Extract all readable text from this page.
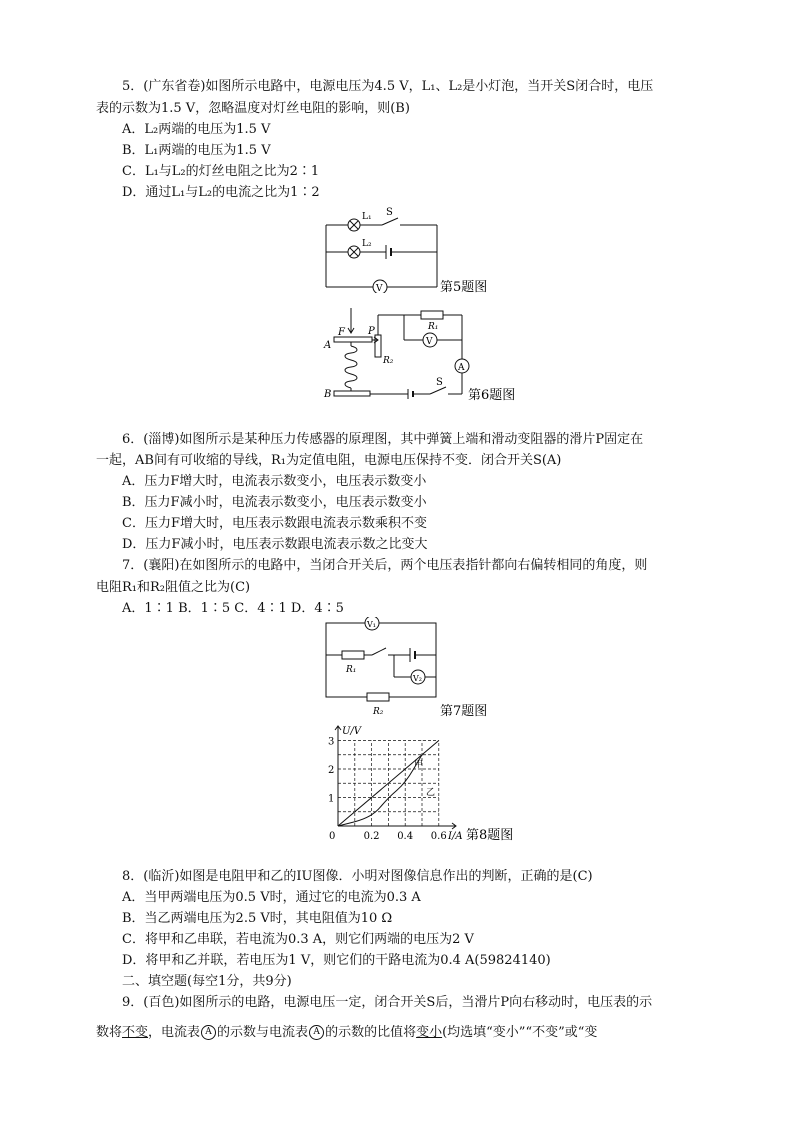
5．(广东省卷)如图所示电路中，电源电压为4.5 V，L₁、L₂是小灯泡，当开关S闭合时，电压
表的示数为1.5 V，忽略温度对灯丝电阻的影响，则(B)
A．L₂两端的电压为1.5 V
B．L₁两端的电压为1.5 V
C．L₁与L₂的灯丝电阻之比为2∶1
D．通过L₁与L₂的电流之比为1∶2
L₁ S
L₂
V	第5题图
F P
A
B
R₁
R₂
V
A
S
第6题图
6．(淄博)如图所示是某种压力传感器的原理图，其中弹簧上端和滑动变阻器的滑片P固定在
一起，AB间有可收缩的导线，R₁为定值电阻，电源电压保持不变．闭合开关S(A)
A．压力F增大时，电流表示数变小，电压表示数变小
B．压力F减小时，电流表示数变小，电压表示数变小
C．压力F增大时，电压表示数跟电流表示数乘积不变
D．压力F减小时，电压表示数跟电流表示数之比变大
7．(襄阳)在如图所示的电路中，当闭合开关后，两个电压表指针都向右偏转相同的角度，则
电阻R₁和R₂阻值之比为(C)
A．1∶1 B．1∶5 C．4∶1 D．4∶5
V₁
R₁
V₂
R₂	第7题图
1
2
3
0.2 0.4 0.6
U/V
I/A
0
甲
乙
第8题图
8．(临沂)如图是电阻甲和乙的IU图像．小明对图像信息作出的判断，正确的是(C)
A．当甲两端电压为0.5 V时，通过它的电流为0.3 A
B．当乙两端电压为2.5 V时，其电阻值为10 Ω
C．将甲和乙串联，若电流为0.3 A，则它们两端的电压为2 V
D．将甲和乙并联，若电压为1 V，则它们的干路电流为0.4 A(59824140)
二、填空题(每空1分，共9分)
9．(百色)如图所示的电路，电源电压一定，闭合开关S后，当滑片P向右移动时，电压表的示
数将不变，电流表 A 的示数与电流表 A 的示数的比值将变小(均选填“变小”“不变”或“变
